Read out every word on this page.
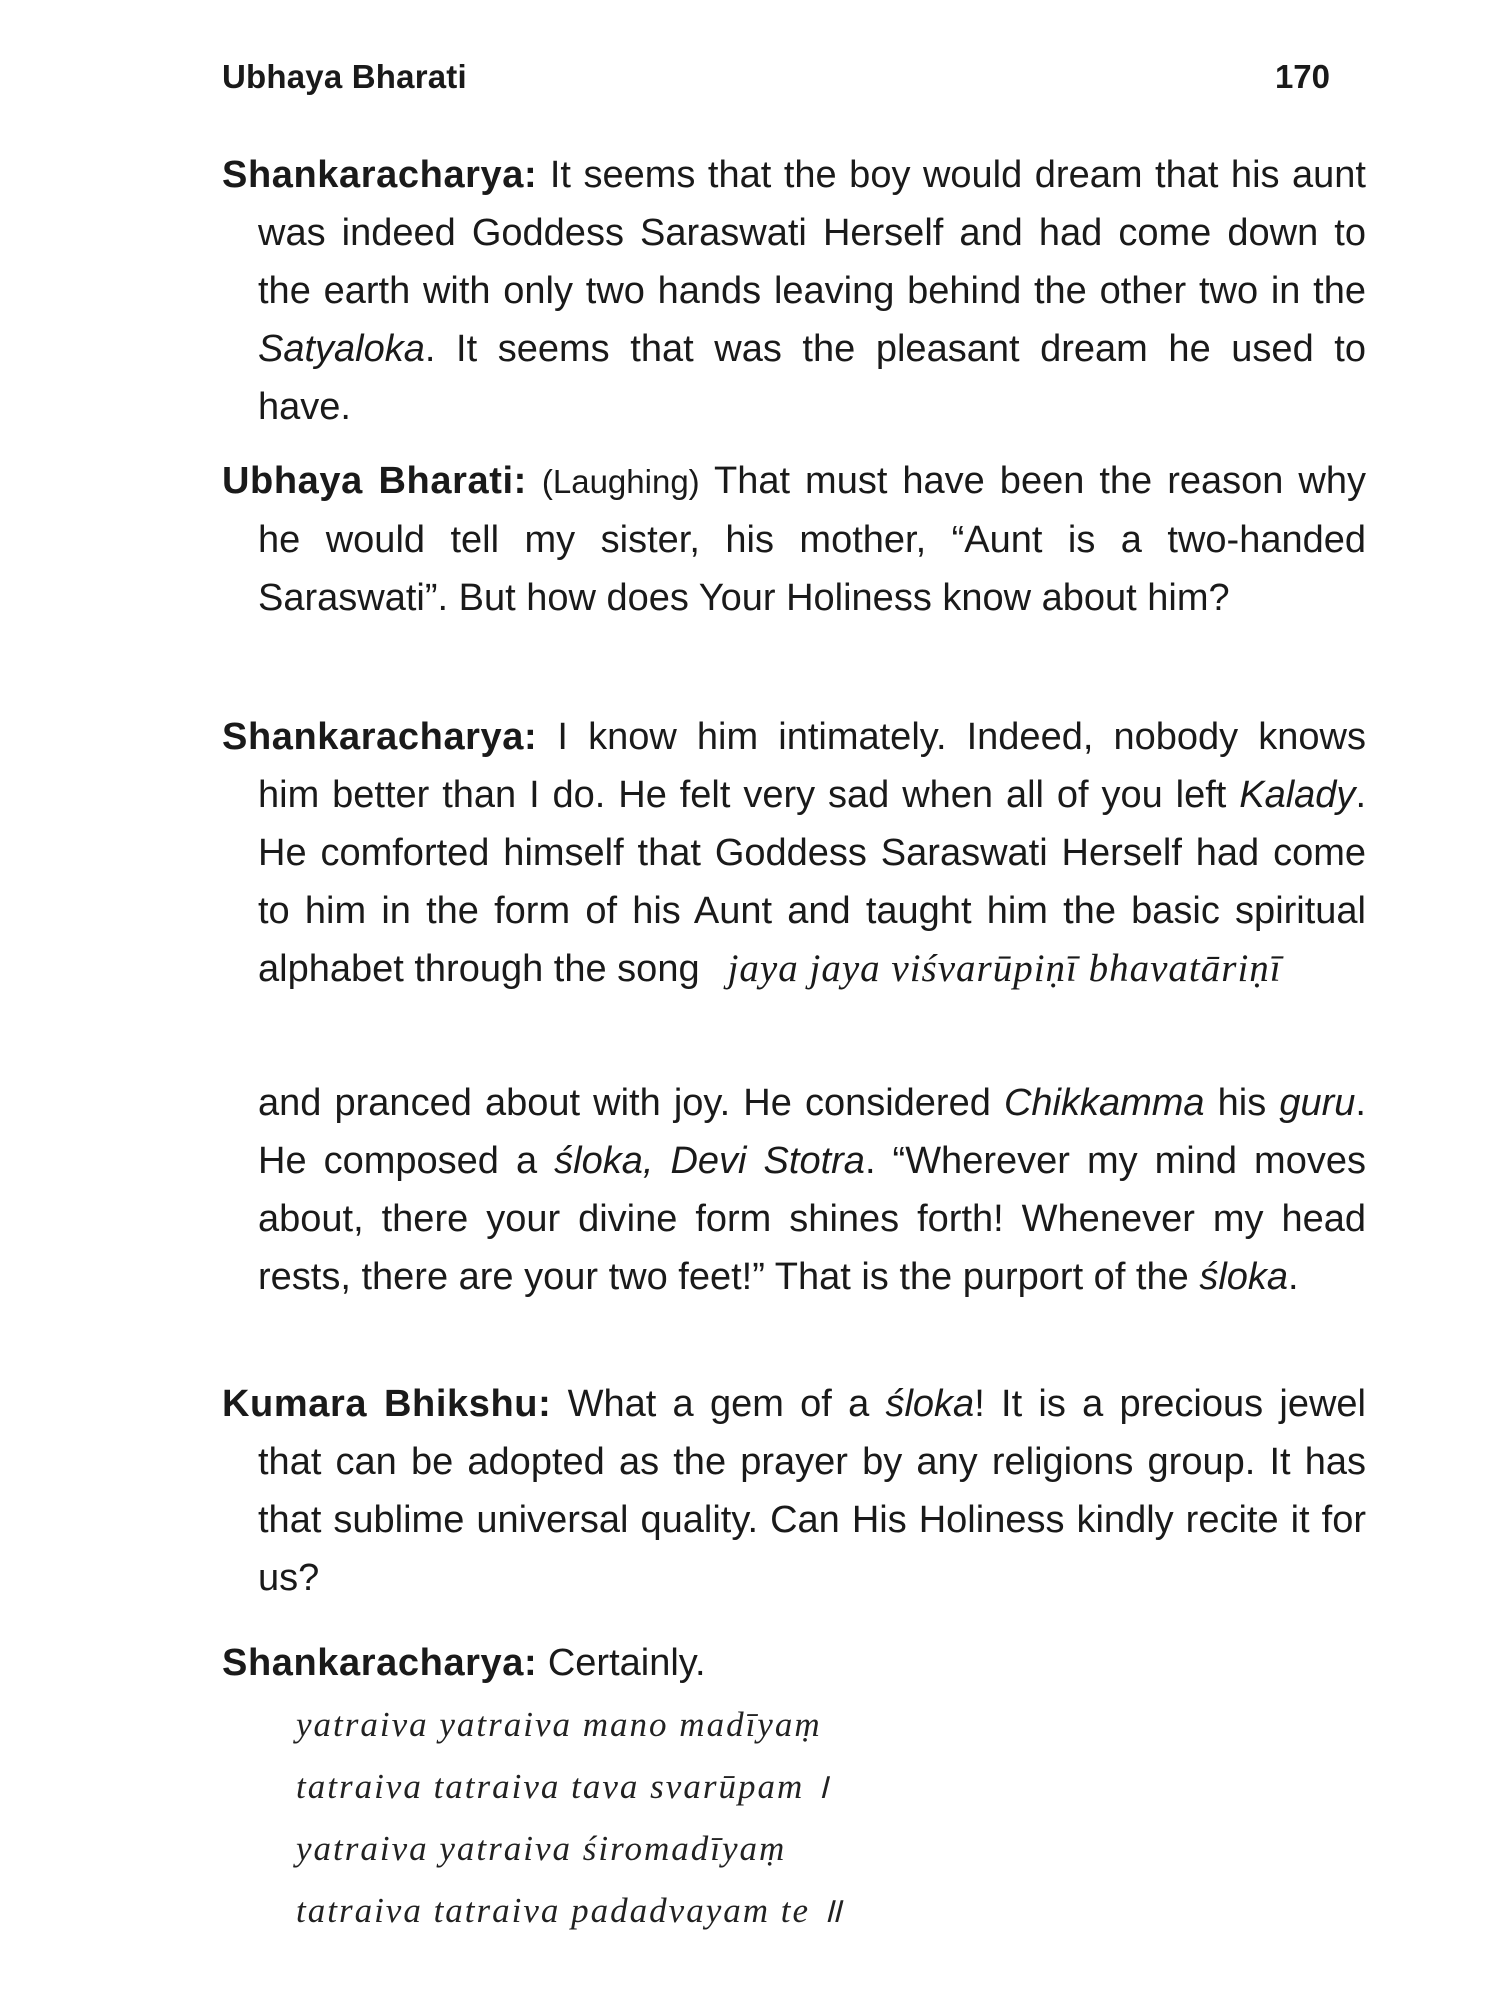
Ubhaya Bharati	170

Shankaracharya: It seems that the boy would dream that his aunt was indeed Goddess Saraswati Herself and had come down to the earth with only two hands leaving behind the other two in the Satyaloka. It seems that was the pleasant dream he used to have.

Ubhaya Bharati: (Laughing) That must have been the reason why he would tell my sister, his mother, “Aunt is a two-handed Saraswati”. But how does Your Holiness know about him?

Shankaracharya: I know him intimately. Indeed, nobody knows him better than I do. He felt very sad when all of you left Kalady. He comforted himself that Goddess Saraswati Herself had come to him in the form of his Aunt and taught him the basic spiritual alphabet through the song jaya jaya viśvarūpiṇī bhavatāriṇī

and pranced about with joy. He considered Chikkamma his guru. He composed a śloka, Devi Stotra. “Wherever my mind moves about, there your divine form shines forth! Whenever my head rests, there are your two feet!” That is the purport of the śloka.

Kumara Bhikshu: What a gem of a śloka! It is a precious jewel that can be adopted as the prayer by any religions group. It has that sublime universal quality. Can His Holiness kindly recite it for us?

Shankaracharya: Certainly.

yatraiva yatraiva mano madīyaṃ
tatraiva tatraiva tava svarūpam ।
yatraiva yatraiva śiromadīyaṃ
tatraiva tatraiva padadvayam te ॥
